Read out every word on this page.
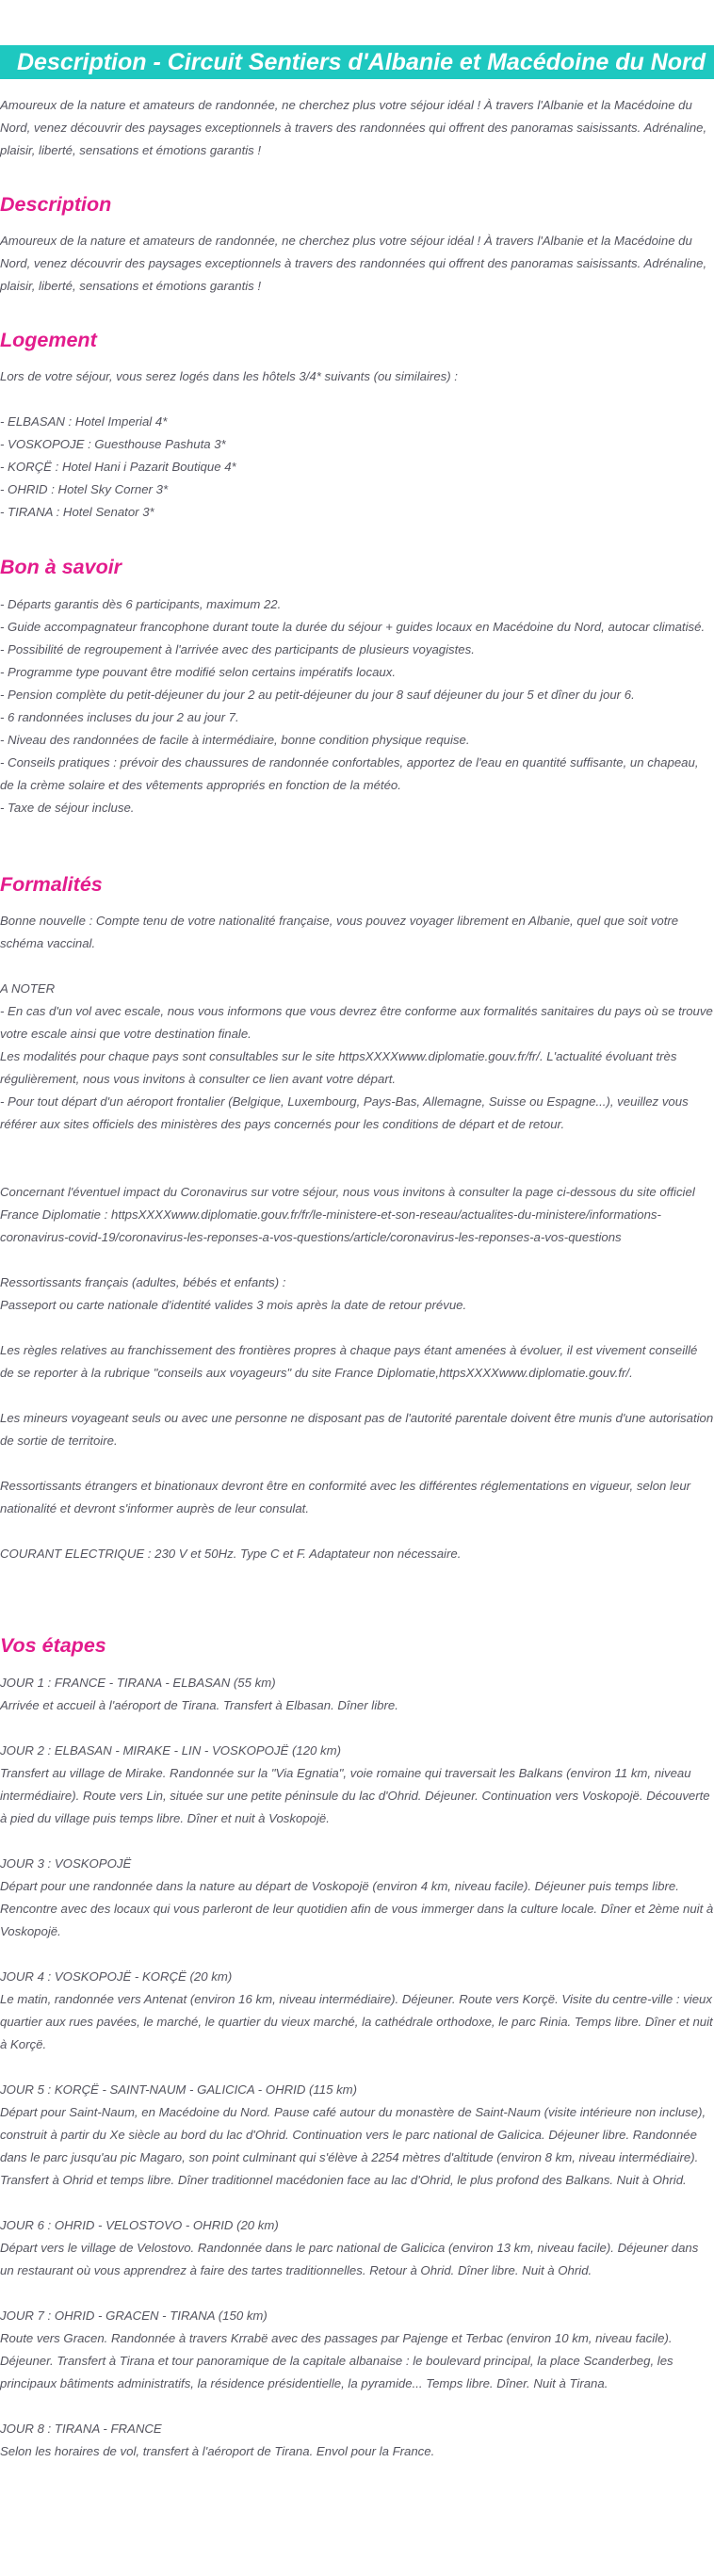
Description - Circuit Sentiers d'Albanie et Macédoine du Nord

Amoureux de la nature et amateurs de randonnée, ne cherchez plus votre séjour idéal ! À travers l'Albanie et la Macédoine du Nord, venez découvrir des paysages exceptionnels à travers des randonnées qui offrent des panoramas saisissants. Adrénaline, plaisir, liberté, sensations et émotions garantis !

Description

Amoureux de la nature et amateurs de randonnée, ne cherchez plus votre séjour idéal ! À travers l'Albanie et la Macédoine du Nord, venez découvrir des paysages exceptionnels à travers des randonnées qui offrent des panoramas saisissants. Adrénaline, plaisir, liberté, sensations et émotions garantis !

Logement

Lors de votre séjour, vous serez logés dans les hôtels 3/4* suivants (ou similaires) :
- ELBASAN : Hotel Imperial 4*
- VOSKOPOJE : Guesthouse Pashuta 3*
- KORÇË : Hotel Hani i Pazarit Boutique 4*
- OHRID : Hotel Sky Corner 3*
- TIRANA : Hotel Senator 3*

Bon à savoir

- Départs garantis dès 6 participants, maximum 22.
- Guide accompagnateur francophone durant toute la durée du séjour + guides locaux en Macédoine du Nord, autocar climatisé.
- Possibilité de regroupement à l'arrivée avec des participants de plusieurs voyagistes.
- Programme type pouvant être modifié selon certains impératifs locaux.
- Pension complète du petit-déjeuner du jour 2 au petit-déjeuner du jour 8 sauf déjeuner du jour 5 et dîner du jour 6.
- 6 randonnées incluses du jour 2 au jour 7.
- Niveau des randonnées de facile à intermédiaire, bonne condition physique requise.
- Conseils pratiques : prévoir des chaussures de randonnée confortables, apportez de l'eau en quantité suffisante, un chapeau, de la crème solaire et des vêtements appropriés en fonction de la météo.
- Taxe de séjour incluse.

Formalités

Bonne nouvelle : Compte tenu de votre nationalité française, vous pouvez voyager librement en Albanie, quel que soit votre schéma vaccinal.
A NOTER
- En cas d'un vol avec escale, nous vous informons que vous devrez être conforme aux formalités sanitaires du pays où se trouve votre escale ainsi que votre destination finale.
Les modalités pour chaque pays sont consultables sur le site httpsXXXXwww.diplomatie.gouv.fr/fr/. L'actualité évoluant très régulièrement, nous vous invitons à consulter ce lien avant votre départ.
- Pour tout départ d'un aéroport frontalier (Belgique, Luxembourg, Pays-Bas, Allemagne, Suisse ou Espagne...), veuillez vous référer aux sites officiels des ministères des pays concernés pour les conditions de départ et de retour.
Concernant l'éventuel impact du Coronavirus sur votre séjour, nous vous invitons à consulter la page ci-dessous du site officiel France Diplomatie : httpsXXXXwww.diplomatie.gouv.fr/fr/le-ministere-et-son-reseau/actualites-du-ministere/informations-coronavirus-covid-19/coronavirus-les-reponses-a-vos-questions/article/coronavirus-les-reponses-a-vos-questions
Ressortissants français (adultes, bébés et enfants) :
Passeport ou carte nationale d'identité valides 3 mois après la date de retour prévue.
Les règles relatives au franchissement des frontières propres à chaque pays étant amenées à évoluer, il est vivement conseillé de se reporter à la rubrique "conseils aux voyageurs" du site France Diplomatie,httpsXXXXwww.diplomatie.gouv.fr/.
Les mineurs voyageant seuls ou avec une personne ne disposant pas de l'autorité parentale doivent être munis d'une autorisation de sortie de territoire.
Ressortissants étrangers et binationaux devront être en conformité avec les différentes réglementations en vigueur, selon leur nationalité et devront s'informer auprès de leur consulat.
COURANT ELECTRIQUE : 230 V et 50Hz. Type C et F. Adaptateur non nécessaire.

Vos étapes

JOUR 1 : FRANCE - TIRANA - ELBASAN (55 km)
Arrivée et accueil à l'aéroport de Tirana. Transfert à Elbasan. Dîner libre.
JOUR 2 : ELBASAN - MIRAKE - LIN - VOSKOPOJË (120 km)
Transfert au village de Mirake. Randonnée sur la "Via Egnatia", voie romaine qui traversait les Balkans (environ 11 km, niveau intermédiaire). Route vers Lin, située sur une petite péninsule du lac d'Ohrid. Déjeuner. Continuation vers Voskopojë. Découverte à pied du village puis temps libre. Dîner et nuit à Voskopojë.
JOUR 3 : VOSKOPOJË
Départ pour une randonnée dans la nature au départ de Voskopojë (environ 4 km, niveau facile). Déjeuner puis temps libre. Rencontre avec des locaux qui vous parleront de leur quotidien afin de vous immerger dans la culture locale. Dîner et 2ème nuit à Voskopojë.
JOUR 4 : VOSKOPOJË - KORÇË (20 km)
Le matin, randonnée vers Antenat (environ 16 km, niveau intermédiaire). Déjeuner. Route vers Korçë. Visite du centre-ville : vieux quartier aux rues pavées, le marché, le quartier du vieux marché, la cathédrale orthodoxe, le parc Rinia. Temps libre. Dîner et nuit à Korçë.
JOUR 5 : KORÇË - SAINT-NAUM - GALICICA - OHRID (115 km)
Départ pour Saint-Naum, en Macédoine du Nord. Pause café autour du monastère de Saint-Naum (visite intérieure non incluse), construit à partir du Xe siècle au bord du lac d'Ohrid. Continuation vers le parc national de Galicica. Déjeuner libre. Randonnée dans le parc jusqu'au pic Magaro, son point culminant qui s'élève à 2254 mètres d'altitude (environ 8 km, niveau intermédiaire). Transfert à Ohrid et temps libre. Dîner traditionnel macédonien face au lac d'Ohrid, le plus profond des Balkans. Nuit à Ohrid.
JOUR 6 : OHRID - VELOSTOVO - OHRID (20 km)
Départ vers le village de Velostovo. Randonnée dans le parc national de Galicica (environ 13 km, niveau facile). Déjeuner dans un restaurant où vous apprendrez à faire des tartes traditionnelles. Retour à Ohrid. Dîner libre. Nuit à Ohrid.
JOUR 7 : OHRID - GRACEN - TIRANA (150 km)
Route vers Gracen. Randonnée à travers Krrabë avec des passages par Pajenge et Terbac (environ 10 km, niveau facile). Déjeuner. Transfert à Tirana et tour panoramique de la capitale albanaise : le boulevard principal, la place Scanderbeg, les principaux bâtiments administratifs, la résidence présidentielle, la pyramide... Temps libre. Dîner. Nuit à Tirana.
JOUR 8 : TIRANA - FRANCE
Selon les horaires de vol, transfert à l'aéroport de Tirana. Envol pour la France.
